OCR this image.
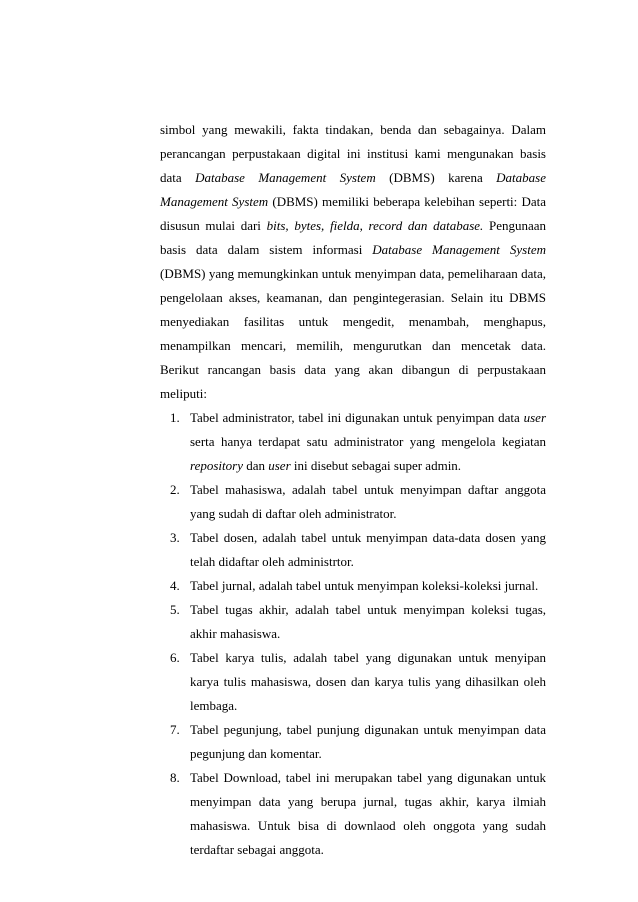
simbol yang mewakili, fakta tindakan, benda dan sebagainya. Dalam perancangan perpustakaan digital ini institusi kami mengunakan basis data Database Management System (DBMS) karena Database Management System (DBMS) memiliki beberapa kelebihan seperti: Data disusun mulai dari bits, bytes, fielda, record dan database. Pengunaan basis data dalam sistem informasi Database Management System (DBMS) yang memungkinkan untuk menyimpan data, pemeliharaan data, pengelolaan akses, keamanan, dan pengintegerasian. Selain itu DBMS menyediakan fasilitas untuk mengedit, menambah, menghapus, menampilkan mencari, memilih, mengurutkan dan mencetak data. Berikut rancangan basis data yang akan dibangun di perpustakaan meliputi:

1. Tabel administrator, tabel ini digunakan untuk penyimpan data user serta hanya terdapat satu administrator yang mengelola kegiatan repository dan user ini disebut sebagai super admin.
2. Tabel mahasiswa, adalah tabel untuk menyimpan daftar anggota yang sudah di daftar oleh administrator.
3. Tabel dosen, adalah tabel untuk menyimpan data-data dosen yang telah didaftar oleh administrtor.
4. Tabel jurnal, adalah tabel untuk menyimpan koleksi-koleksi jurnal.
5. Tabel tugas akhir, adalah tabel untuk menyimpan koleksi tugas, akhir mahasiswa.
6. Tabel karya tulis, adalah tabel yang digunakan untuk menyipan karya tulis mahasiswa, dosen dan karya tulis yang dihasilkan oleh lembaga.
7. Tabel pegunjung, tabel punjung digunakan untuk menyimpan data pegunjung dan komentar.
8. Tabel Download, tabel ini merupakan tabel yang digunakan untuk menyimpan data yang berupa jurnal, tugas akhir, karya ilmiah mahasiswa. Untuk bisa di downlaod oleh onggota yang sudah terdaftar sebagai anggota.
